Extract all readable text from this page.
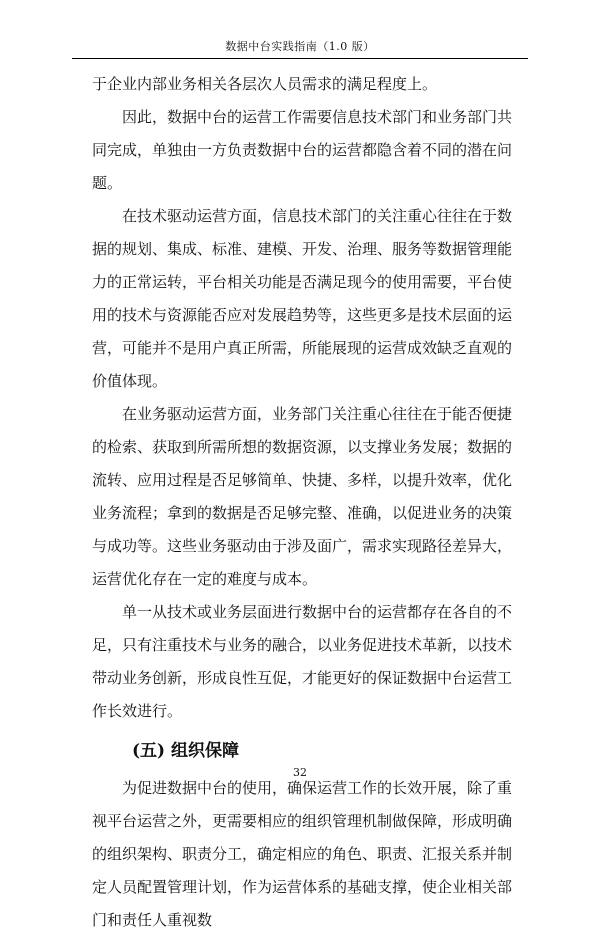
数据中台实践指南（1.0 版）

于企业内部业务相关各层次人员需求的满足程度上。

因此，数据中台的运营工作需要信息技术部门和业务部门共同完成，单独由一方负责数据中台的运营都隐含着不同的潜在问题。

在技术驱动运营方面，信息技术部门的关注重心往往在于数据的规划、集成、标准、建模、开发、治理、服务等数据管理能力的正常运转，平台相关功能是否满足现今的使用需要，平台使用的技术与资源能否应对发展趋势等，这些更多是技术层面的运营，可能并不是用户真正所需，所能展现的运营成效缺乏直观的价值体现。

在业务驱动运营方面，业务部门关注重心往往在于能否便捷的检索、获取到所需所想的数据资源，以支撑业务发展；数据的流转、应用过程是否足够简单、快捷、多样，以提升效率，优化业务流程；拿到的数据是否足够完整、准确，以促进业务的决策与成功等。这些业务驱动由于涉及面广，需求实现路径差异大，运营优化存在一定的难度与成本。

单一从技术或业务层面进行数据中台的运营都存在各自的不足，只有注重技术与业务的融合，以业务促进技术革新，以技术带动业务创新，形成良性互促，才能更好的保证数据中台运营工作长效进行。

(五) 组织保障

为促进数据中台的使用，确保运营工作的长效开展，除了重视平台运营之外，更需要相应的组织管理机制做保障，形成明确的组织架构、职责分工，确定相应的角色、职责、汇报关系并制定人员配置管理计划，作为运营体系的基础支撑，使企业相关部门和责任人重视数

32
